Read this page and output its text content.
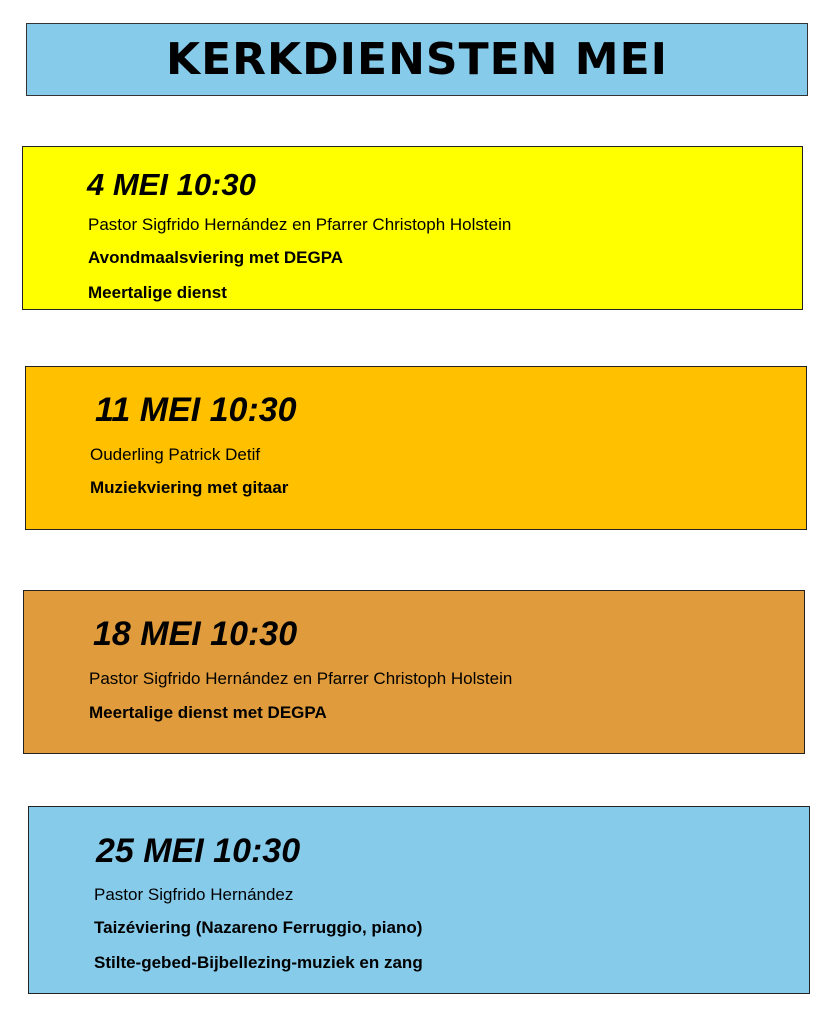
KERKDIENSTEN MEI

4 MEI 10:30

Pastor Sigfrido Hernández en Pfarrer Christoph Holstein

Avondmaalsviering met DEGPA

Meertalige dienst

11 MEI 10:30

Ouderling Patrick Detif

Muziekviering met gitaar

18 MEI 10:30

Pastor Sigfrido Hernández en Pfarrer Christoph Holstein

Meertalige dienst met DEGPA

25 MEI 10:30

Pastor Sigfrido Hernández

Taizéviering (Nazareno Ferruggio, piano)

Stilte-gebed-Bijbellezing-muziek en zang
